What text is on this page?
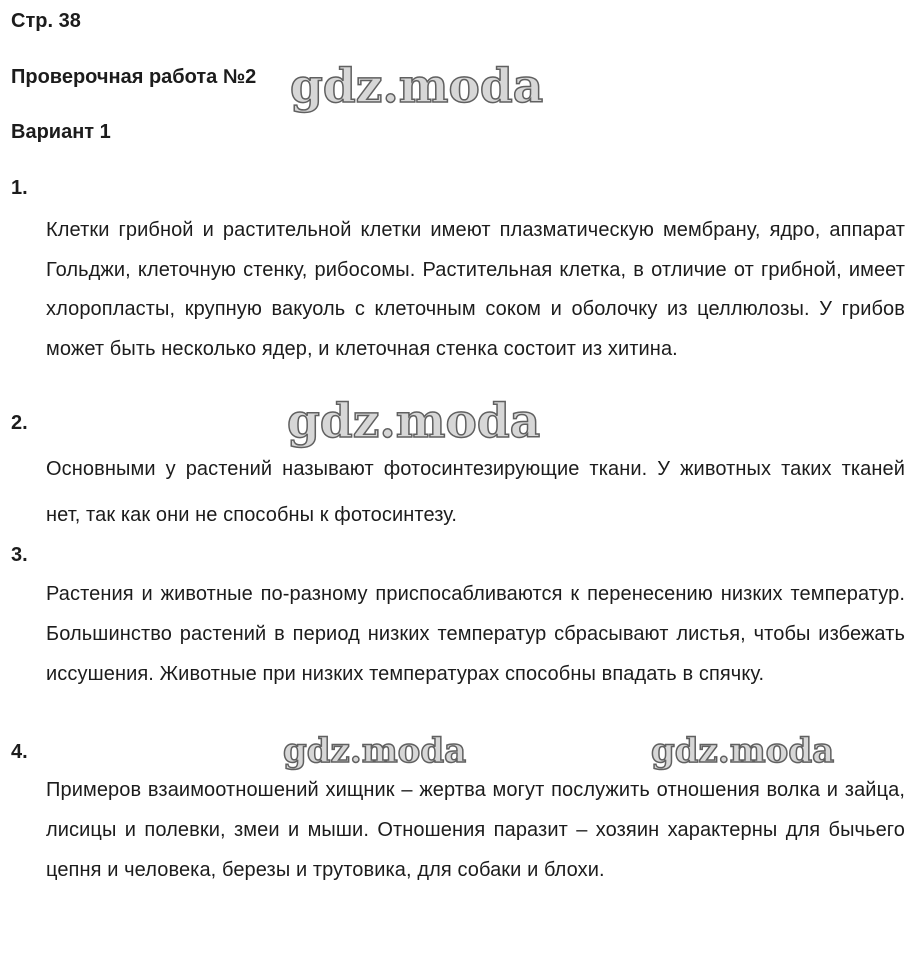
Стр. 38
Проверочная работа №2
Вариант 1
1.

Клетки грибной и растительной клетки имеют плазматическую мембрану, ядро, аппарат Гольджи, клеточную стенку, рибосомы. Растительная клетка, в отличие от грибной, имеет хлоропласты, крупную вакуоль с клеточным соком и оболочку из целлюлозы. У грибов может быть несколько ядер, и клеточная стенка состоит из хитина.

2.

Основными у растений называют фотосинтезирующие ткани. У животных таких тканей нет, так как они не способны к фотосинтезу.

3.

Растения и животные по-разному приспосабливаются к перенесению низких температур. Большинство растений в период низких температур сбрасывают листья, чтобы избежать иссушения. Животные при низких температурах способны впадать в спячку.

4.

Примеров взаимоотношений хищник – жертва могут послужить отношения волка и зайца, лисицы и полевки, змеи и мыши. Отношения паразит – хозяин характерны для бычьего цепня и человека, березы и трутовика, для собаки и блохи.

gdz.moda
gdz.moda
gdz.moda	gdz.moda
